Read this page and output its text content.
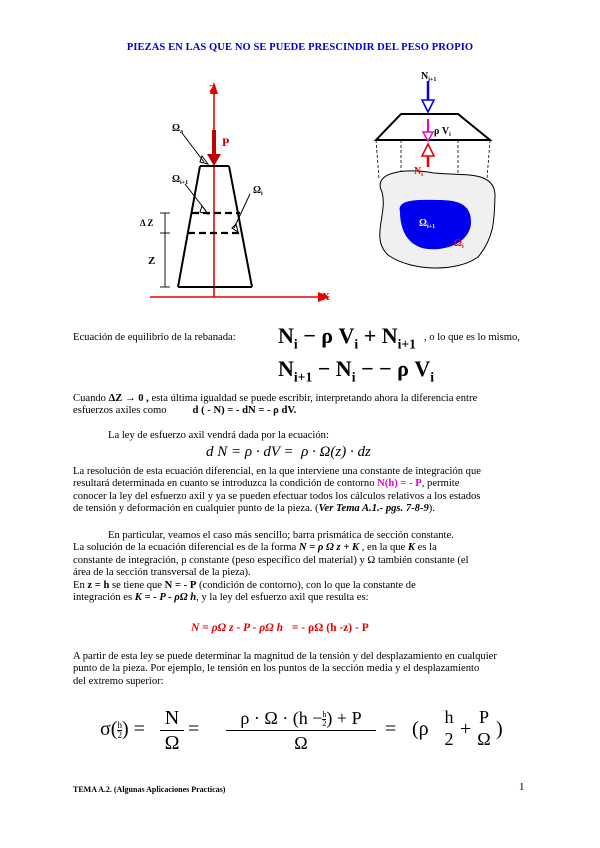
PIEZAS EN LAS QUE NO SE PUEDE PRESCINDIR DEL PESO PROPIO
Z
X
P
$\Omega_a$
$\Omega_{i+1}$
$\Omega_i$
Δ Z
Z
$N_{i+1}$
ρ $V_i$
$N_i$
$\Omega_{i+1}$
$\Omega_i$
Ecuación de equilibrio de la rebanada: $N_i - \rho$ $V_i + N_{i+1}$ , o lo que es lo mismo,
$N_{i+1} - N_i$ − − ρ $V_i$
Cuando ΔZ → 0 , esta última igualdad se puede escribir, interpretando ahora la diferencia entre
esfuerzos axiles como d ( - N) = - dN = - ρ dV.
La ley de esfuerzo axil vendrá dada por la ecuación:
d N = ρ · dV = ρ · Ω(z) · dz
La resolución de esta ecuación diferencial, en la que interviene una constante de integración que
resultará determinada en cuanto se introduzca la condición de contorno N(h) = - P, permite
conocer la ley del esfuerzo axil y ya se pueden efectuar todos los cálculos relativos a los estados
de tensión y deformación en cualquier punto de la pieza. (Ver Tema A.1.- pgs. 7-8-9).
En particular, veamos el caso más sencillo; barra prismática de sección constante.
La solución de la ecuación diferencial es de la forma N = ρ Ω z + K , en la que K es la
constante de integración, ρ constante (peso específico del material) y Ω también constante (el
área de la sección transversal de la pieza).
En z = h se tiene que N = - P (condición de contorno), con lo que la constante de
integración es K = - P - ρΩ h, y la ley del esfuerzo axil que resulta es:
N = ρΩ z - P - ρΩ h = - ρΩ (h -z) - P
A partir de esta ley se puede determinar la magnitud de la tensión y del desplazamiento en cualquier
punto de la pieza. Por ejemplo, le tensión en los puntos de la sección media y el desplazamiento
del extremo superior:
$\sigma( \frac{h}{2}$ ) = N
Ω
=	$\rho \cdot \Omega \cdot (h - \frac{h}{2}$ ) + P
Ω
= (ρ
h
2 +
P
Ω )
TEMA A.2. (Algunas Aplicaciones Practicas)	1
